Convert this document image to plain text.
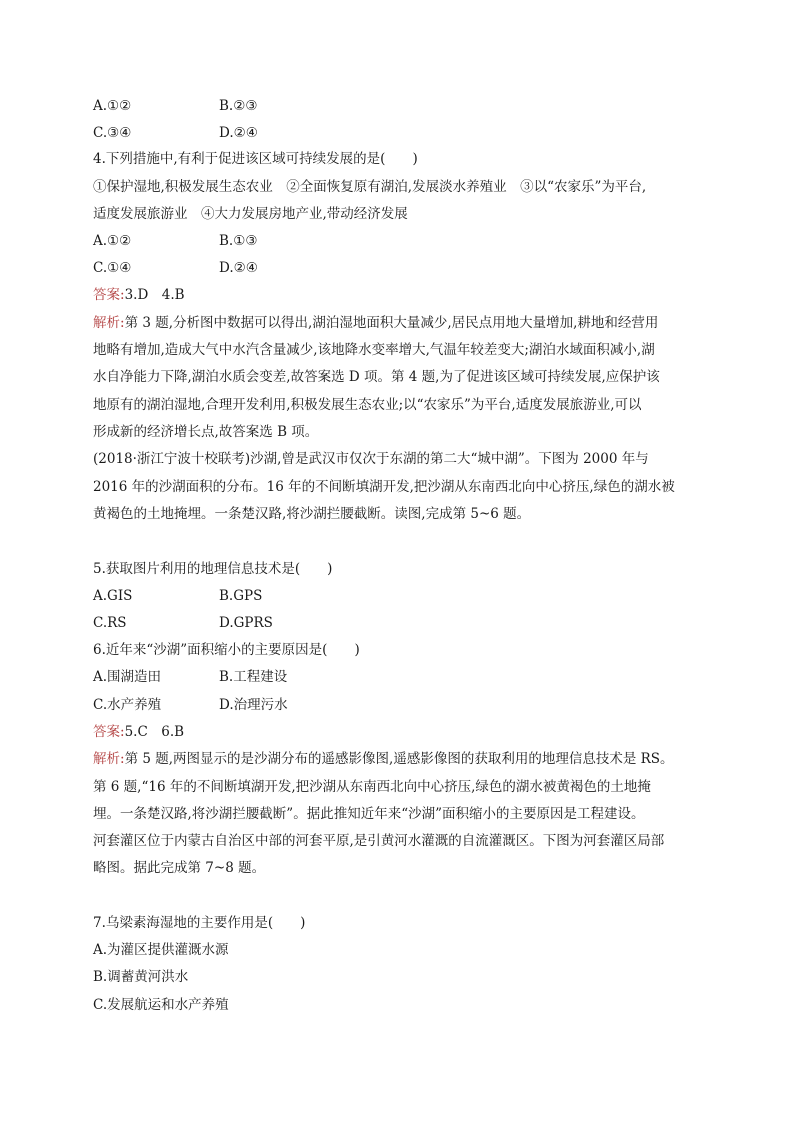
A.①②	B.②③
C.③④	D.②④
4.下列措施中,有利于促进该区域可持续发展的是(　　)
①保护湿地,积极发展生态农业　②全面恢复原有湖泊,发展淡水养殖业　③以“农家乐”为平台,
适度发展旅游业　④大力发展房地产业,带动经济发展
A.①②	B.①③
C.①④	D.②④
答案:3.D　4.B
解析:第 3 题,分析图中数据可以得出,湖泊湿地面积大量减少,居民点用地大量增加,耕地和经营用
地略有增加,造成大气中水汽含量减少,该地降水变率增大,气温年较差变大;湖泊水域面积减小,湖
水自净能力下降,湖泊水质会变差,故答案选 D 项。第 4 题,为了促进该区域可持续发展,应保护该
地原有的湖泊湿地,合理开发利用,积极发展生态农业;以“农家乐”为平台,适度发展旅游业,可以
形成新的经济增长点,故答案选 B 项。
(2018·浙江宁波十校联考)沙湖,曾是武汉市仅次于东湖的第二大“城中湖”。下图为 2000 年与
2016 年的沙湖面积的分布。16 年的不间断填湖开发,把沙湖从东南西北向中心挤压,绿色的湖水被
黄褐色的土地掩埋。一条楚汉路,将沙湖拦腰截断。读图,完成第 5~6 题。
5.获取图片利用的地理信息技术是(　　)
A.GIS	B.GPS
C.RS	D.GPRS
6.近年来“沙湖”面积缩小的主要原因是(　　)
A.围湖造田	B.工程建设
C.水产养殖	D.治理污水
答案:5.C　6.B
解析:第 5 题,两图显示的是沙湖分布的遥感影像图,遥感影像图的获取利用的地理信息技术是 RS。
第 6 题,“16 年的不间断填湖开发,把沙湖从东南西北向中心挤压,绿色的湖水被黄褐色的土地掩
埋。一条楚汉路,将沙湖拦腰截断”。据此推知近年来“沙湖”面积缩小的主要原因是工程建设。
河套灌区位于内蒙古自治区中部的河套平原,是引黄河水灌溉的自流灌溉区。下图为河套灌区局部
略图。据此完成第 7~8 题。
7.乌梁素海湿地的主要作用是(　　)
A.为灌区提供灌溉水源
B.调蓄黄河洪水
C.发展航运和水产养殖
